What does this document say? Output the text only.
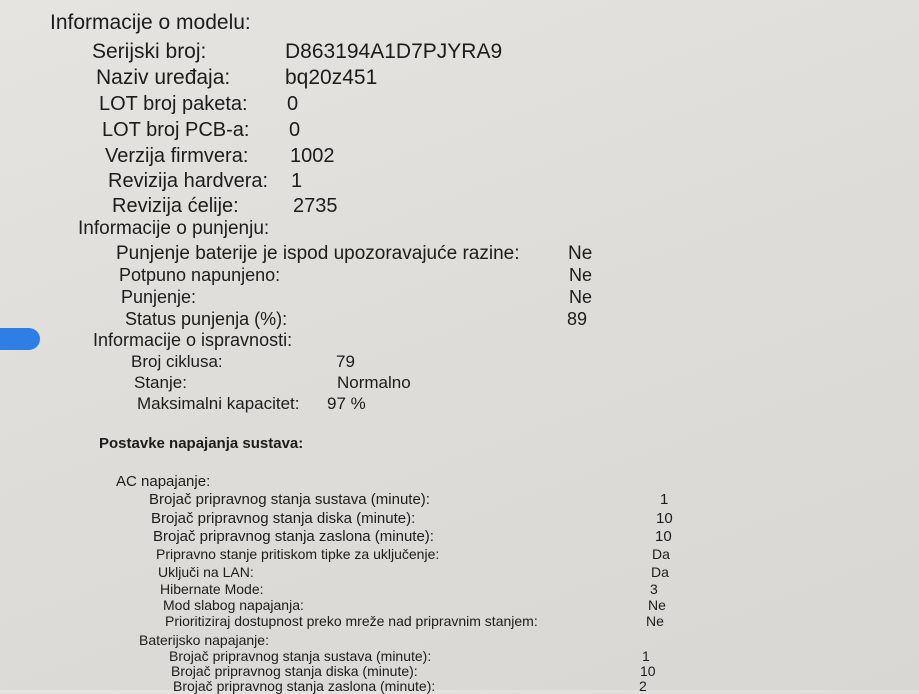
Informacije o modelu:
Serijski broj:	D863194A1D7PJYRA9
Naziv uređaja:	bq20z451
LOT broj paketa: 0
LOT broj PCB-a: 0
Verzija firmvera: 1002
Revizija hardvera: 1
Revizija ćelije:	2735
Informacije o punjenju:
Punjenje baterije je ispod upozoravajuće razine:	Ne
Potpuno napunjeno:	Ne
Punjenje:	Ne
Status punjenja (%):	89
Informacije o ispravnosti:
Broj ciklusa:	79
Stanje:	Normalno
Maksimalni kapacitet: 97 %
Postavke napajanja sustava:
AC napajanje:
Brojač pripravnog stanja sustava (minute):	1
Brojač pripravnog stanja diska (minute):	10
Brojač pripravnog stanja zaslona (minute):	10
Pripravno stanje pritiskom tipke za uključenje:	Da
Uključi na LAN:	Da
Hibernate Mode:	3
Mod slabog napajanja:	Ne
Prioritiziraj dostupnost preko mreže nad pripravnim stanjem:	Ne
Baterijsko napajanje:
Brojač pripravnog stanja sustava (minute):	1
Brojač pripravnog stanja diska (minute):	10
Brojač pripravnog stanja zaslona (minute):	2
